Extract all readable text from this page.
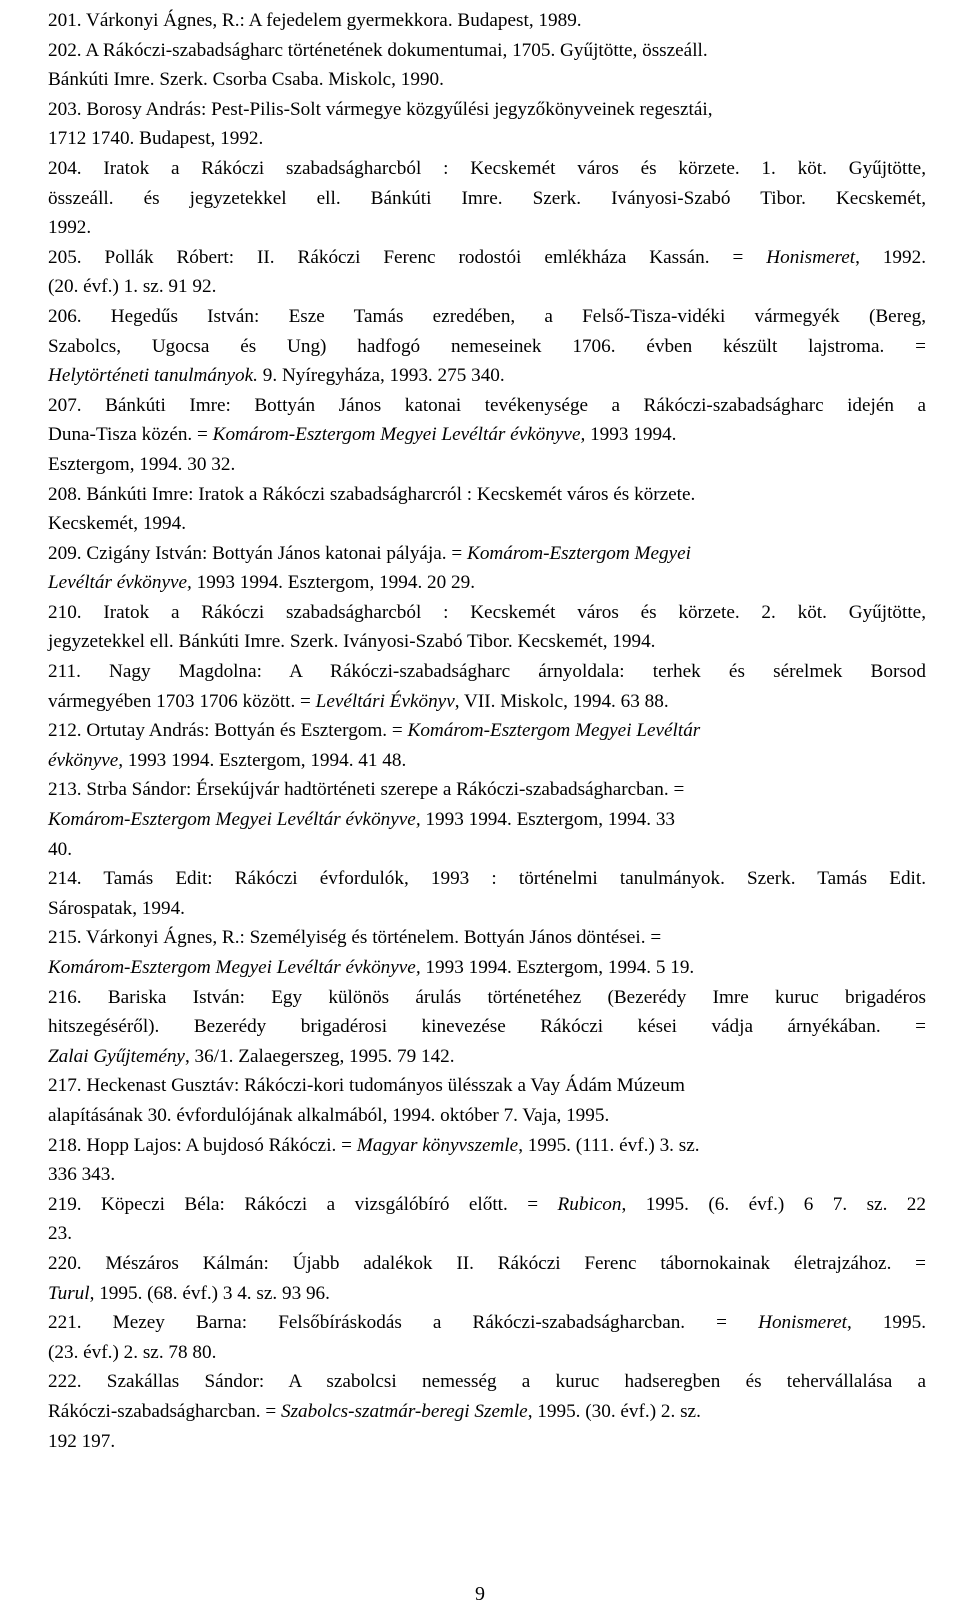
201. Várkonyi Ágnes, R.: A fejedelem gyermekkora. Budapest, 1989.
202. A Rákóczi-szabadságharc történetének dokumentumai, 1705. Gyűjtötte, összeáll.
Bánkúti Imre. Szerk. Csorba Csaba. Miskolc, 1990.
203. Borosy András: Pest-Pilis-Solt vármegye közgyűlési jegyzőkönyveinek regesztái,
1712 1740. Budapest, 1992.
204. Iratok a Rákóczi szabadságharcból : Kecskemét város és körzete. 1. köt. Gyűjtötte,
összeáll. és jegyzetekkel ell. Bánkúti Imre. Szerk. Iványosi-Szabó Tibor. Kecskemét,
1992.
205. Pollák Róbert: II. Rákóczi Ferenc rodostói emlékháza Kassán. = Honismeret, 1992.
(20. évf.) 1. sz. 91 92.
206. Hegedűs István: Esze Tamás ezredében, a Felső-Tisza-vidéki vármegyék (Bereg,
Szabolcs, Ugocsa és Ung) hadfogó nemeseinek 1706. évben készült lajstroma. =
Helytörténeti tanulmányok. 9. Nyíregyháza, 1993. 275 340.
207. Bánkúti Imre: Bottyán János katonai tevékenysége a Rákóczi-szabadságharc idején a
Duna-Tisza közén. = Komárom-Esztergom Megyei Levéltár évkönyve, 1993 1994.
Esztergom, 1994. 30 32.
208. Bánkúti Imre: Iratok a Rákóczi szabadságharcról : Kecskemét város és körzete.
Kecskemét, 1994.
209. Czigány István: Bottyán János katonai pályája. = Komárom-Esztergom Megyei
Levéltár évkönyve, 1993 1994. Esztergom, 1994. 20 29.
210. Iratok a Rákóczi szabadságharcból : Kecskemét város és körzete. 2. köt. Gyűjtötte,
jegyzetekkel ell. Bánkúti Imre. Szerk. Iványosi-Szabó Tibor. Kecskemét, 1994.
211. Nagy Magdolna: A Rákóczi-szabadságharc árnyoldala: terhek és sérelmek Borsod
vármegyében 1703 1706 között. = Levéltári Évkönyv, VII. Miskolc, 1994. 63 88.
212. Ortutay András: Bottyán és Esztergom. = Komárom-Esztergom Megyei Levéltár
évkönyve, 1993 1994. Esztergom, 1994. 41 48.
213. Strba Sándor: Érsekújvár hadtörténeti szerepe a Rákóczi-szabadságharcban. =
Komárom-Esztergom Megyei Levéltár évkönyve, 1993 1994. Esztergom, 1994. 33
40.
214. Tamás Edit: Rákóczi évfordulók, 1993 : történelmi tanulmányok. Szerk. Tamás Edit.
Sárospatak, 1994.
215. Várkonyi Ágnes, R.: Személyiség és történelem. Bottyán János döntései. =
Komárom-Esztergom Megyei Levéltár évkönyve, 1993 1994. Esztergom, 1994. 5 19.
216. Bariska István: Egy különös árulás történetéhez (Bezerédy Imre kuruc brigadéros
hitszegéséről). Bezerédy brigadérosi kinevezése Rákóczi kései vádja árnyékában. =
Zalai Gyűjtemény, 36/1. Zalaegerszeg, 1995. 79 142.
217. Heckenast Gusztáv: Rákóczi-kori tudományos ülésszak a Vay Ádám Múzeum
alapításának 30. évfordulójának alkalmából, 1994. október 7. Vaja, 1995.
218. Hopp Lajos: A bujdosó Rákóczi. = Magyar könyvszemle, 1995. (111. évf.) 3. sz.
336 343.
219. Köpeczi Béla: Rákóczi a vizsgálóbíró előtt. = Rubicon, 1995. (6. évf.) 6 7. sz. 22
23.
220. Mészáros Kálmán: Újabb adalékok II. Rákóczi Ferenc tábornokainak életrajzához. =
Turul, 1995. (68. évf.) 3 4. sz. 93 96.
221. Mezey Barna: Felsőbíráskodás a Rákóczi-szabadságharcban. = Honismeret, 1995.
(23. évf.) 2. sz. 78 80.
222. Szakállas Sándor: A szabolcsi nemesség a kuruc hadseregben és tehervállalása a
Rákóczi-szabadságharcban. = Szabolcs-szatmár-beregi Szemle, 1995. (30. évf.) 2. sz.
192 197.
9
